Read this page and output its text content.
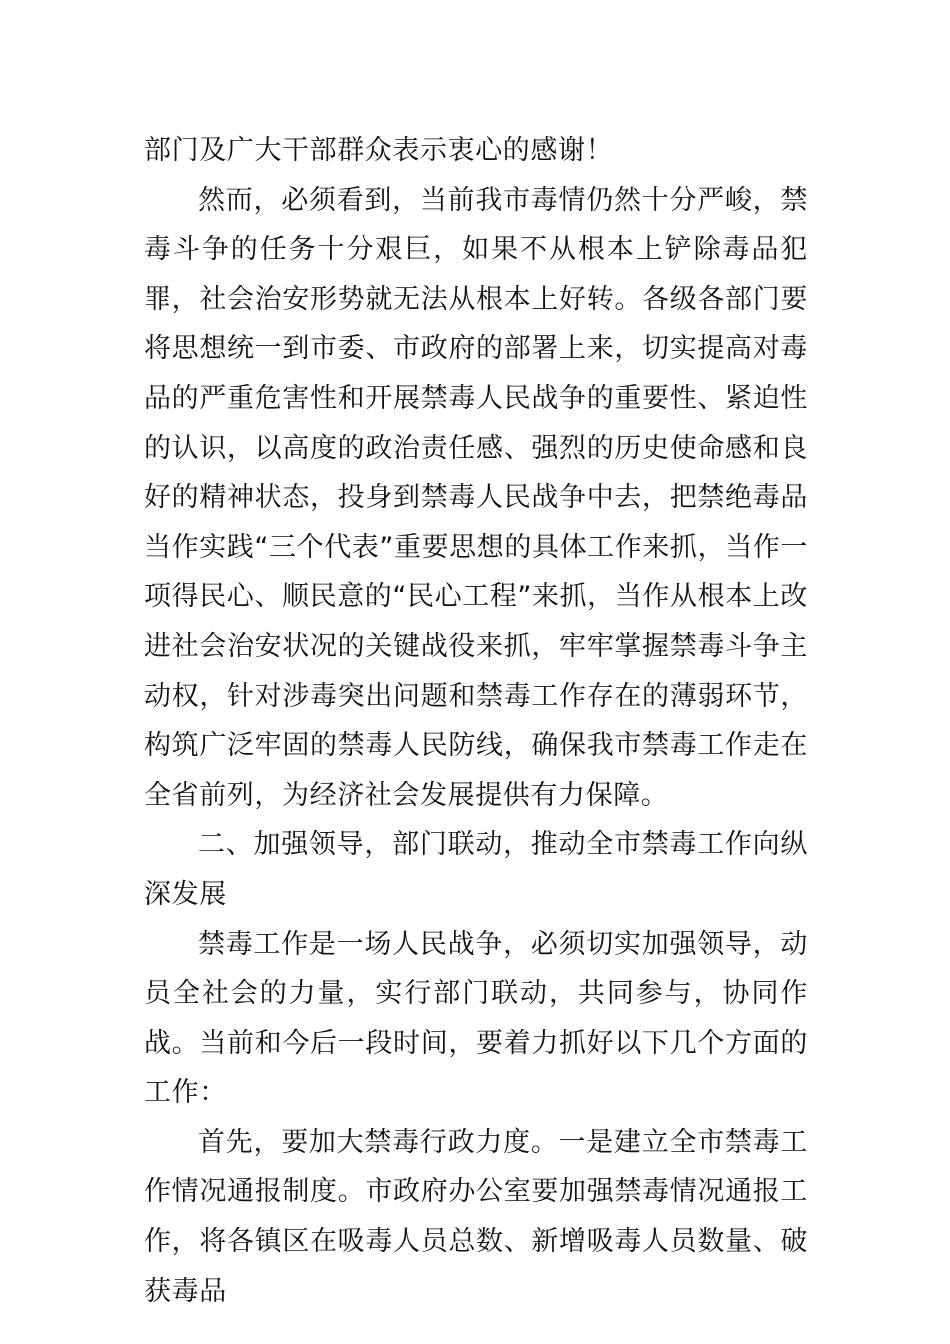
部门及广大干部群众表示衷心的感谢！

然而，必须看到，当前我市毒情仍然十分严峻，禁毒斗争的任务十分艰巨，如果不从根本上铲除毒品犯罪，社会治安形势就无法从根本上好转。各级各部门要将思想统一到市委、市政府的部署上来，切实提高对毒品的严重危害性和开展禁毒人民战争的重要性、紧迫性的认识，以高度的政治责任感、强烈的历史使命感和良好的精神状态，投身到禁毒人民战争中去，把禁绝毒品当作实践“三个代表”重要思想的具体工作来抓，当作一项得民心、顺民意的“民心工程”来抓，当作从根本上改进社会治安状况的关键战役来抓，牢牢掌握禁毒斗争主动权，针对涉毒突出问题和禁毒工作存在的薄弱环节，构筑广泛牢固的禁毒人民防线，确保我市禁毒工作走在全省前列，为经济社会发展提供有力保障。

二、加强领导，部门联动，推动全市禁毒工作向纵深发展

禁毒工作是一场人民战争，必须切实加强领导，动员全社会的力量，实行部门联动，共同参与，协同作战。当前和今后一段时间，要着力抓好以下几个方面的工作：

首先，要加大禁毒行政力度。一是建立全市禁毒工作情况通报制度。市政府办公室要加强禁毒情况通报工作，将各镇区在吸毒人员总数、新增吸毒人员数量、破获毒品
